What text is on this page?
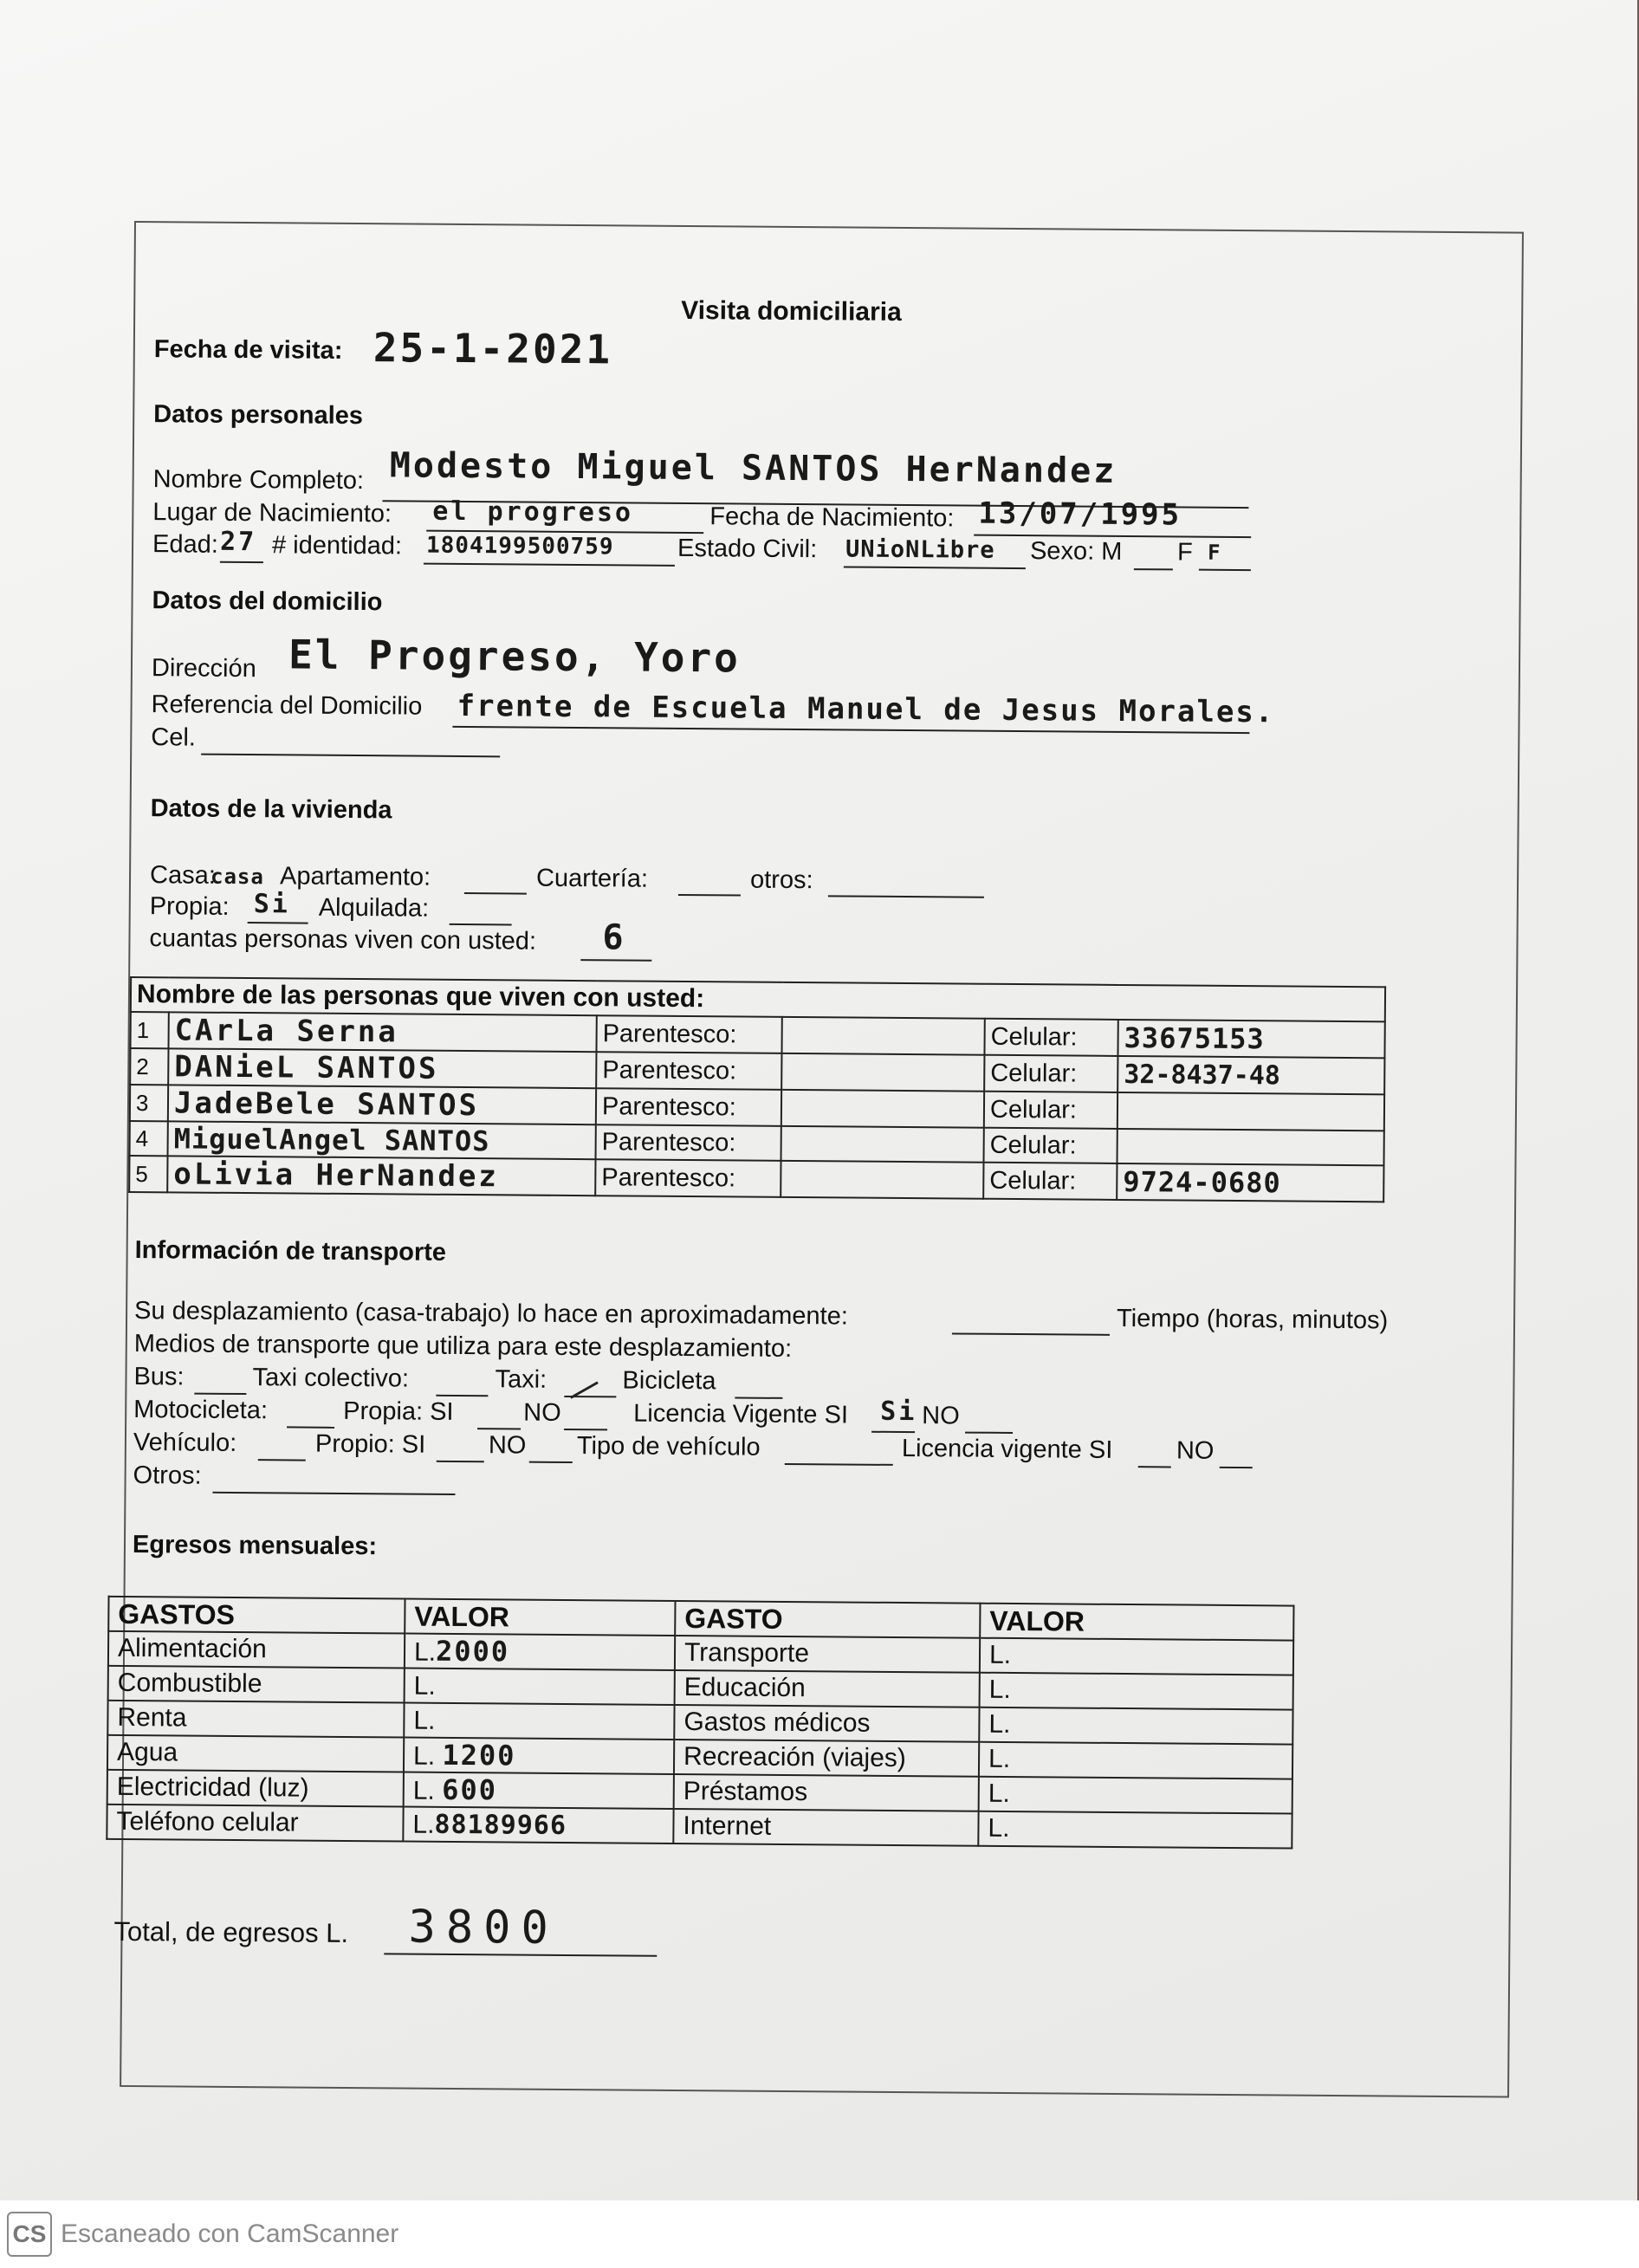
Visita domiciliaria
Fecha de visita: 25-1-2021
Datos personales
Nombre Completo: Modesto Miguel SANTOS HerNandez
Lugar de Nacimiento: el progreso	Fecha de Nacimiento: 13/07/1995
Edad: 27 # identidad: 1804199500759	Estado Civil: UNioNLibre Sexo: M F F
Datos del domicilio
Dirección El Progreso, Yoro
Referencia del Domicilio frente de Escuela Manuel de Jesus Morales.
Cel.
Datos de la vivienda
Casa:
casa Apartamento:	Cuartería:	otros:
Propia: Si Alquilada:
cuantas personas viven con usted: 6
Nombre de las personas que viven con usted:					
1	CArLa Serna	Parentesco:		Celular:	33675153
2	DANieL SANTOS	Parentesco:		Celular:	32-8437-48
3	JadeBele SANTOS	Parentesco:		Celular:	
4	MiguelAngel SANTOS	Parentesco:		Celular:	
5	oLivia HerNandez	Parentesco:		Celular:	9724-0680
Información de transporte
Su desplazamiento (casa-trabajo) lo hace en aproximadamente:	Tiempo (horas, minutos)
Medios de transporte que utiliza para este desplazamiento:
Bus:	Taxi colectivo:	Taxi:	Bicicleta
Motocicleta:	Propia: SI	NO	Licencia Vigente SI Si NO
Vehículo:	Propio: SI NO Tipo de vehículo	Licencia vigente SI	NO
Otros:
Egresos mensuales:
GASTOS	VALOR	GASTO	VALOR
Alimentación	L.2000	Transporte	L.
Combustible	L.	Educación	L.
Renta	L.	Gastos médicos	L.
Agua	L. 1200	Recreación (viajes)	L.
Electricidad (luz)	L. 600	Préstamos	L.
Teléfono celular	L.88189966	Internet	L.
Total, de egresos L. 3800
CS Escaneado con CamScanner
